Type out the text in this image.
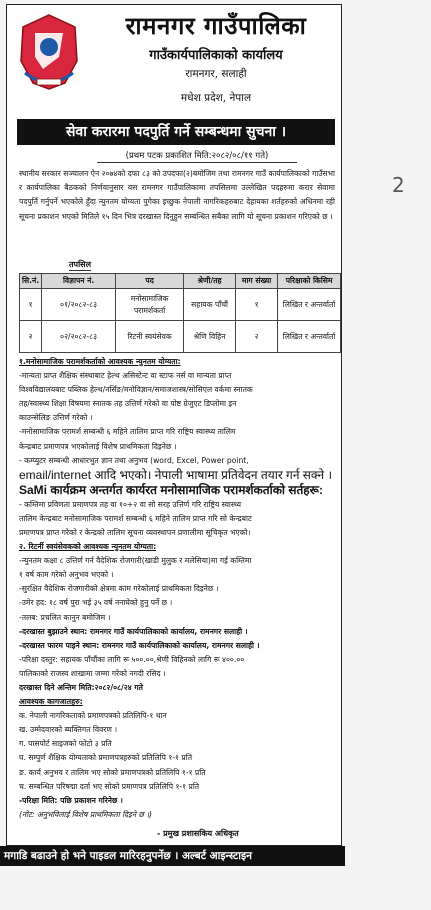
रामनगर गाउँपालिका
गाउँकार्यपालिकाको कार्यालय
रामनगर, सलाही
मधेश प्रदेश, नेपाल
सेवा करारमा पदपुर्ति गर्ने सम्बन्धमा सुचना ।
(प्रथम पटक प्रकाशित मिति:२०८२/०८/११ गते)
स्थानीय सरकार सञ्चालन ऐन २०७४को दफा ८३ को उपदफा(२)बमोजिम तथा रामनगर गाउँ कार्यपालिकाको गाउँसभा र कार्यपालिका बैठकको निर्णयानुसार यस रामनगर गाउँपालिकामा तपसिलमा उल्लेखित पदहरुमा करार सेवामा पदपुर्ति गर्नुपर्ने भएकोले हुँदा न्युनतम योग्यता पुगेका इच्छुक नेपाली नागरिकहरुबाट देहायका शर्तहरुको अधिनमा रही सूचना प्रकाशन भएको मितिले १५ दिन भित्र दरखास्त दिनुहुन सम्बन्धित सबैका लागि यो सूचना प्रकाशन गरिएको छ ।
तपसिल
सि.नं.	विज्ञापन नं.	पद	श्रेणी/तह	माग संख्या	परिक्षाको किसिम
१	०१/२०८२-८३	मनोसामाजिक परामर्शकर्ता	सहायक पाँचौं	१	लिखित र अन्तर्वार्ता
२	०२/२०८२-८३	रिटनी स्वयंसेवक	श्रेणि विहिन	२	लिखित र अन्तर्वार्ता
१.मनोसामाजिक परामर्शकर्ताको आवश्यक न्युनतम योग्यता:
-मान्यता प्राप्त शैक्षिक संस्थाबाट हेल्थ असिस्टेन्ट वा स्टाफ नर्स वा मान्यता प्राप्त
विश्वविद्यालयबाट पब्लिक हेल्थ/नर्सिङ/मनोविज्ञान/समाजशास्त्र/सोसिएल वर्कमा स्नातक
तह/स्वास्थ्य शिक्षा विषयमा स्नातक तह उत्तिर्ण गरेको वा पोष्ट ग्रेजुएट डिप्लोमा इन
काउन्सेलिङ उत्तिर्ण गरेको ।
-मनोसामाजिक परामर्श सम्बन्धी ६ महिने तालिम प्राप्त गरि राष्ट्रिय स्वास्थ्य तालिम
केन्द्रबाट प्रमाणपत्र भएकोलाई विशेष प्राथमिकता दिइनेछ ।
- कम्प्युटर सम्बन्धी आधारभुत ज्ञान तथा अनुभव (word, Excel, Power point,
email/internet आदि भएको। नेपाली भाषामा प्रतिवेदन तयार गर्न सक्ने ।
SaMi कार्यक्रम अन्तर्गत कार्यरत मनोसामाजिक परामर्शकर्ताको सर्तहरू:
- कम्तिमा प्रविणता प्रमाणपत्र तह वा १०+२ वा सो सरह उत्तिर्ण गरि राष्ट्रिय स्वास्थ्य
तालिम केन्द्रबाट मनोसामाजिक परामर्श सम्बन्धी ६ महिने तालिम प्राप्त गरि सो केन्द्रबाट
प्रमाणपत्र प्राप्त गरेको र केन्द्रको तालिम सूचना व्यवस्थापन प्रणालीमा सूचिकृत भएको।
२. रिटर्नी स्वयंसेवकको आवश्यक न्युनतम योग्यता:
-न्युनतम कक्षा ८ उत्तिर्ण गर्न वैदेशिक रोजगारी(खाडी मुलुक र मलेसिया)मा गई कम्तिमा
१ वर्ष काम गरेको अनुभव भएको ।
-सुरक्षित वैदेशिक रोजगारीको क्षेत्रमा काम गरेकोलाई प्राथमिकता दिइनेछ ।
-उमेर हद: १८ वर्ष पुरा भई ३५ वर्ष ननाघेको हुनु पर्ने छ ।
-तलब: प्रचलित कानुन बमोजिम ।
-दरखास्त बुझाउने स्थान: रामनगर गाउँ कार्यपालिकाको कार्यालय, रामनगर सलाही ।
-दरखास्त फारम पाइने स्थान: रामनगर गाउँ कार्यपालिकाको कार्यालय, रामनगर सलाही ।
-परिक्षा दस्तुर: सहायक पाँचौंका लागि रू ५००.००,श्रेणी विहिनको लागि रू ४००.००
पालिकाको राजस्व शाखामा जम्मा गरेको नगदी रसिद ।
दरखास्त दिने अन्तिम मिति:२०८२/०८/२४ गते
आवश्यक कागजातहरु:
क. नेपाली नागरिकताको प्रमाणपत्रको प्रतिलिपि-१ थान
ख. उम्मेदवारको ब्यक्तिगत विवरण ।
ग. पासपोर्ट साइजको फोटो ३ प्रति
घ. सम्पुर्ण शैक्षिक योग्यताको प्रमाणपत्रहरुको प्रतिलिपि १-१ प्रति
ङ. कार्य अनुभव र तालिम भए सोको प्रमाणपत्रको प्रतिलिपि १-१ प्रति
च. सम्बन्धित परिषद्मा दर्ता भए सोको प्रमाणपत्र प्रतिलिपि १-१ प्रति
-परिक्षा मिति: पछि प्रकाशन गरिनेछ ।
(नोट: अनुभविलाई विशेष प्राथमिकता दिइने छ ।)
- प्रमुख प्रशासकिय अधिकृत
मगाडि बढाउने हो भने पाइडल मारिरहनुपर्नेछ । अल्बर्ट आइन्स्टाइन
2
